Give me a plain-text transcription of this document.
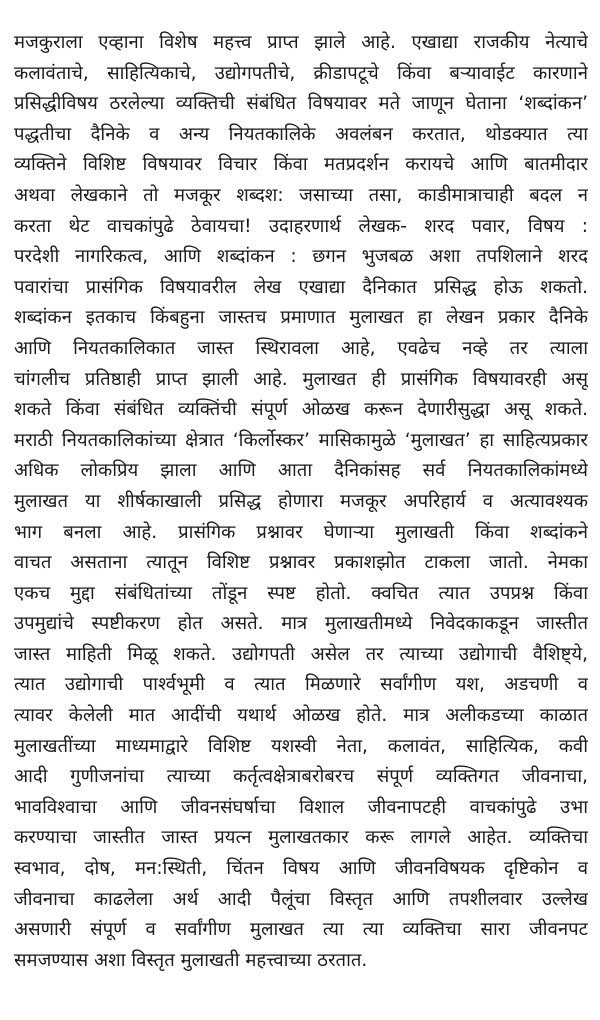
मजकुराला एव्हाना विशेष महत्त्व प्राप्त झाले आहे. एखाद्या राजकीय नेत्याचे
कलावंताचे, साहित्यिकाचे, उद्योगपतीचे, क्रीडापटूचे किंवा बऱ्यावाईट कारणाने
प्रसिद्धीविषय ठरलेल्या व्यक्तिची संबंधित विषयावर मते जाणून घेताना ‘शब्दांकन’
पद्धतीचा दैनिके व अन्य नियतकालिके अवलंबन करतात, थोडक्यात त्या
व्यक्तिने विशिष्ट विषयावर विचार किंवा मतप्रदर्शन करायचे आणि बातमीदार
अथवा लेखकाने तो मजकूर शब्दश: जसाच्या तसा, काडीमात्राचाही बदल न
करता थेट वाचकांपुढे ठेवायचा! उदाहरणार्थ लेखक- शरद पवार, विषय :
परदेशी नागरिकत्व, आणि शब्दांकन : छगन भुजबळ अशा तपशिलाने शरद
पवारांचा प्रासंगिक विषयावरील लेख एखाद्या दैनिकात प्रसिद्ध होऊ शकतो.
शब्दांकन इतकाच किंबहुना जास्तच प्रमाणात मुलाखत हा लेखन प्रकार दैनिके
आणि नियतकालिकात जास्त स्थिरावला आहे, एवढेच नव्हे तर त्याला
चांगलीच प्रतिष्ठाही प्राप्त झाली आहे. मुलाखत ही प्रासंगिक विषयावरही असू
शकते किंवा संबंधित व्यक्तिंची संपूर्ण ओळख करून देणारीसुद्धा असू शकते.
मराठी नियतकालिकांच्या क्षेत्रात ‘किर्लोस्कर’ मासिकामुळे ‘मुलाखत’ हा साहित्यप्रकार
अधिक लोकप्रिय झाला आणि आता दैनिकांसह सर्व नियतकालिकांमध्ये
मुलाखत या शीर्षकाखाली प्रसिद्ध होणारा मजकूर अपरिहार्य व अत्यावश्यक
भाग बनला आहे. प्रासंगिक प्रश्नावर घेणाऱ्या मुलाखती किंवा शब्दांकने
वाचत असताना त्यातून विशिष्ट प्रश्नावर प्रकाशझोत टाकला जातो. नेमका
एकच मुद्दा संबंधितांच्या तोंडून स्पष्ट होतो. क्वचित त्यात उपप्रश्न किंवा
उपमुद्यांचे स्पष्टीकरण होत असते. मात्र मुलाखतीमध्ये निवेदकाकडून जास्तीत
जास्त माहिती मिळू शकते. उद्योगपती असेल तर त्याच्या उद्योगाची वैशिष्ट्ये,
त्यात उद्योगाची पार्श्वभूमी व त्यात मिळणारे सर्वांगीण यश, अडचणी व
त्यावर केलेली मात आदींची यथार्थ ओळख होते. मात्र अलीकडच्या काळात
मुलाखतींच्या माध्यमाद्वारे विशिष्ट यशस्वी नेता, कलावंत, साहित्यिक, कवी
आदी गुणीजनांचा त्याच्या कर्तृत्वक्षेत्राबरोबरच संपूर्ण व्यक्तिगत जीवनाचा,
भावविश्वाचा आणि जीवनसंघर्षाचा विशाल जीवनापटही वाचकांपुढे उभा
करण्याचा जास्तीत जास्त प्रयत्न मुलाखतकार करू लागले आहेत. व्यक्तिचा
स्वभाव, दोष, मन:स्थिती, चिंतन विषय आणि जीवनविषयक दृष्टिकोन व
जीवनाचा काढलेला अर्थ आदी पैलूंचा विस्तृत आणि तपशीलवार उल्लेख
असणारी संपूर्ण व सर्वांगीण मुलाखत त्या त्या व्यक्तिचा सारा जीवनपट
समजण्यास अशा विस्तृत मुलाखती महत्त्वाच्या ठरतात.
